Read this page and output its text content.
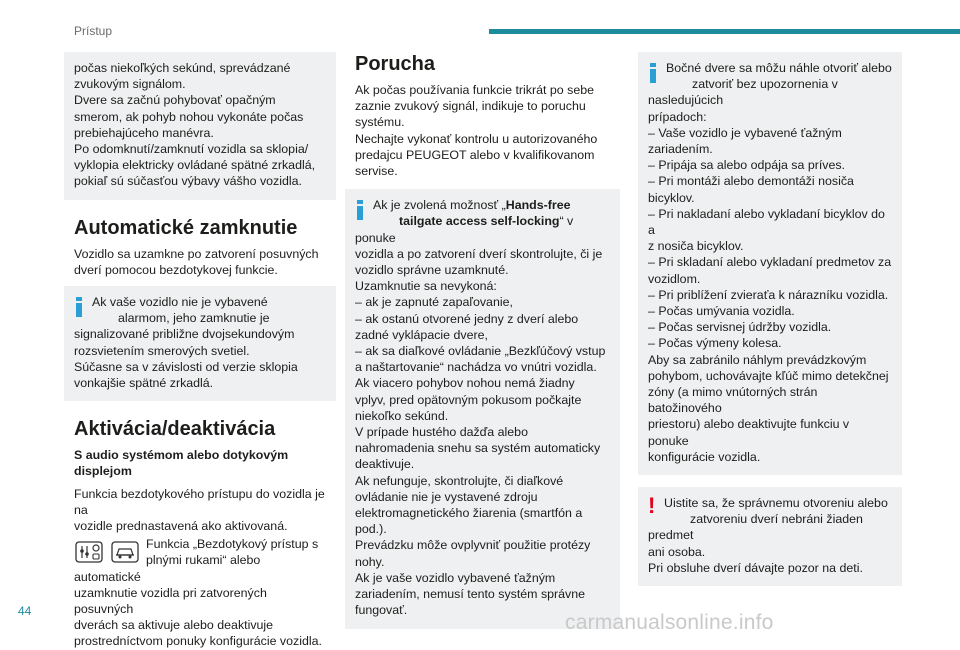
Prístup

počas niekoľkých sekúnd, sprevádzané
zvukovým signálom.
Dvere sa začnú pohybovať opačným
smerom, ak pohyb nohou vykonáte počas
prebiehajúceho manévra.
Po odomknutí/zamknutí vozidla sa sklopia/
vyklopia elektricky ovládané spätné zrkadlá,
pokiaľ sú súčasťou výbavy vášho vozidla.

Automatické zamknutie

Vozidlo sa uzamkne po zatvorení posuvných
dverí pomocou bezdotykovej funkcie.

Ak vaše vozidlo nie je vybavené
alarmom, jeho zamknutie je
signalizované približne dvojsekundovým
rozsvietením smerových svetiel.
Súčasne sa v závislosti od verzie sklopia
vonkajšie spätné zrkadlá.

Aktivácia/deaktivácia
S audio systémom alebo dotykovým
displejom

Funkcia bezdotykového prístupu do vozidla je na
vozidle prednastavená ako aktivovaná.

Funkcia „Bezdotykový prístup s
plnými rukami“ alebo automatické
uzamknutie vozidla pri zatvorených posuvných
dverách sa aktivuje alebo deaktivuje
prostredníctvom ponuky konfigurácie vozidla.

Porucha

Ak počas používania funkcie trikrát po sebe
zaznie zvukový signál, indikuje to poruchu
systému.
Nechajte vykonať kontrolu u autorizovaného
predajcu PEUGEOT alebo v kvalifikovanom
servise.

Ak je zvolená možnosť „Hands-free
tailgate access self-locking“ v ponuke
vozidla a po zatvorení dverí skontrolujte, či je
vozidlo správne uzamknuté.
Uzamknutie sa nevykoná:
– ak je zapnuté zapaľovanie,
– ak ostanú otvorené jedny z dverí alebo
zadné vyklápacie dvere,
– ak sa diaľkové ovládanie „Bezkľúčový vstup
a naštartovanie“ nachádza vo vnútri vozidla.
Ak viacero pohybov nohou nemá žiadny
vplyv, pred opätovným pokusom počkajte
niekoľko sekúnd.
V prípade hustého dažďa alebo
nahromadenia snehu sa systém automaticky
deaktivuje.
Ak nefunguje, skontrolujte, či diaľkové
ovládanie nie je vystavené zdroju
elektromagnetického žiarenia (smartfón a
pod.).
Prevádzku môže ovplyvniť použitie protézy
nohy.
Ak je vaše vozidlo vybavené ťažným
zariadením, nemusí tento systém správne
fungovať.

Bočné dvere sa môžu náhle otvoriť alebo
zatvoriť bez upozornenia v nasledujúcich
prípadoch:
– Vaše vozidlo je vybavené ťažným
zariadením.
– Pripája sa alebo odpája sa príves.
– Pri montáži alebo demontáži nosiča
bicyklov.
– Pri nakladaní alebo vykladaní bicyklov do a
z nosiča bicyklov.
– Pri skladaní alebo vykladaní predmetov za
vozidlom.
– Pri priblížení zvieraťa k nárazníku vozidla.
– Počas umývania vozidla.
– Počas servisnej údržby vozidla.
– Počas výmeny kolesa.
Aby sa zabránilo náhlym prevádzkovým
pohybom, uchovávajte kľúč mimo detekčnej
zóny (a mimo vnútorných strán batožinového
priestoru) alebo deaktivujte funkciu v ponuke
konfigurácie vozidla.

! Uistite sa, že správnemu otvoreniu alebo
zatvoreniu dverí nebráni žiaden predmet
ani osoba.
Pri obsluhe dverí dávajte pozor na deti.

44	carmanualsonline.info
